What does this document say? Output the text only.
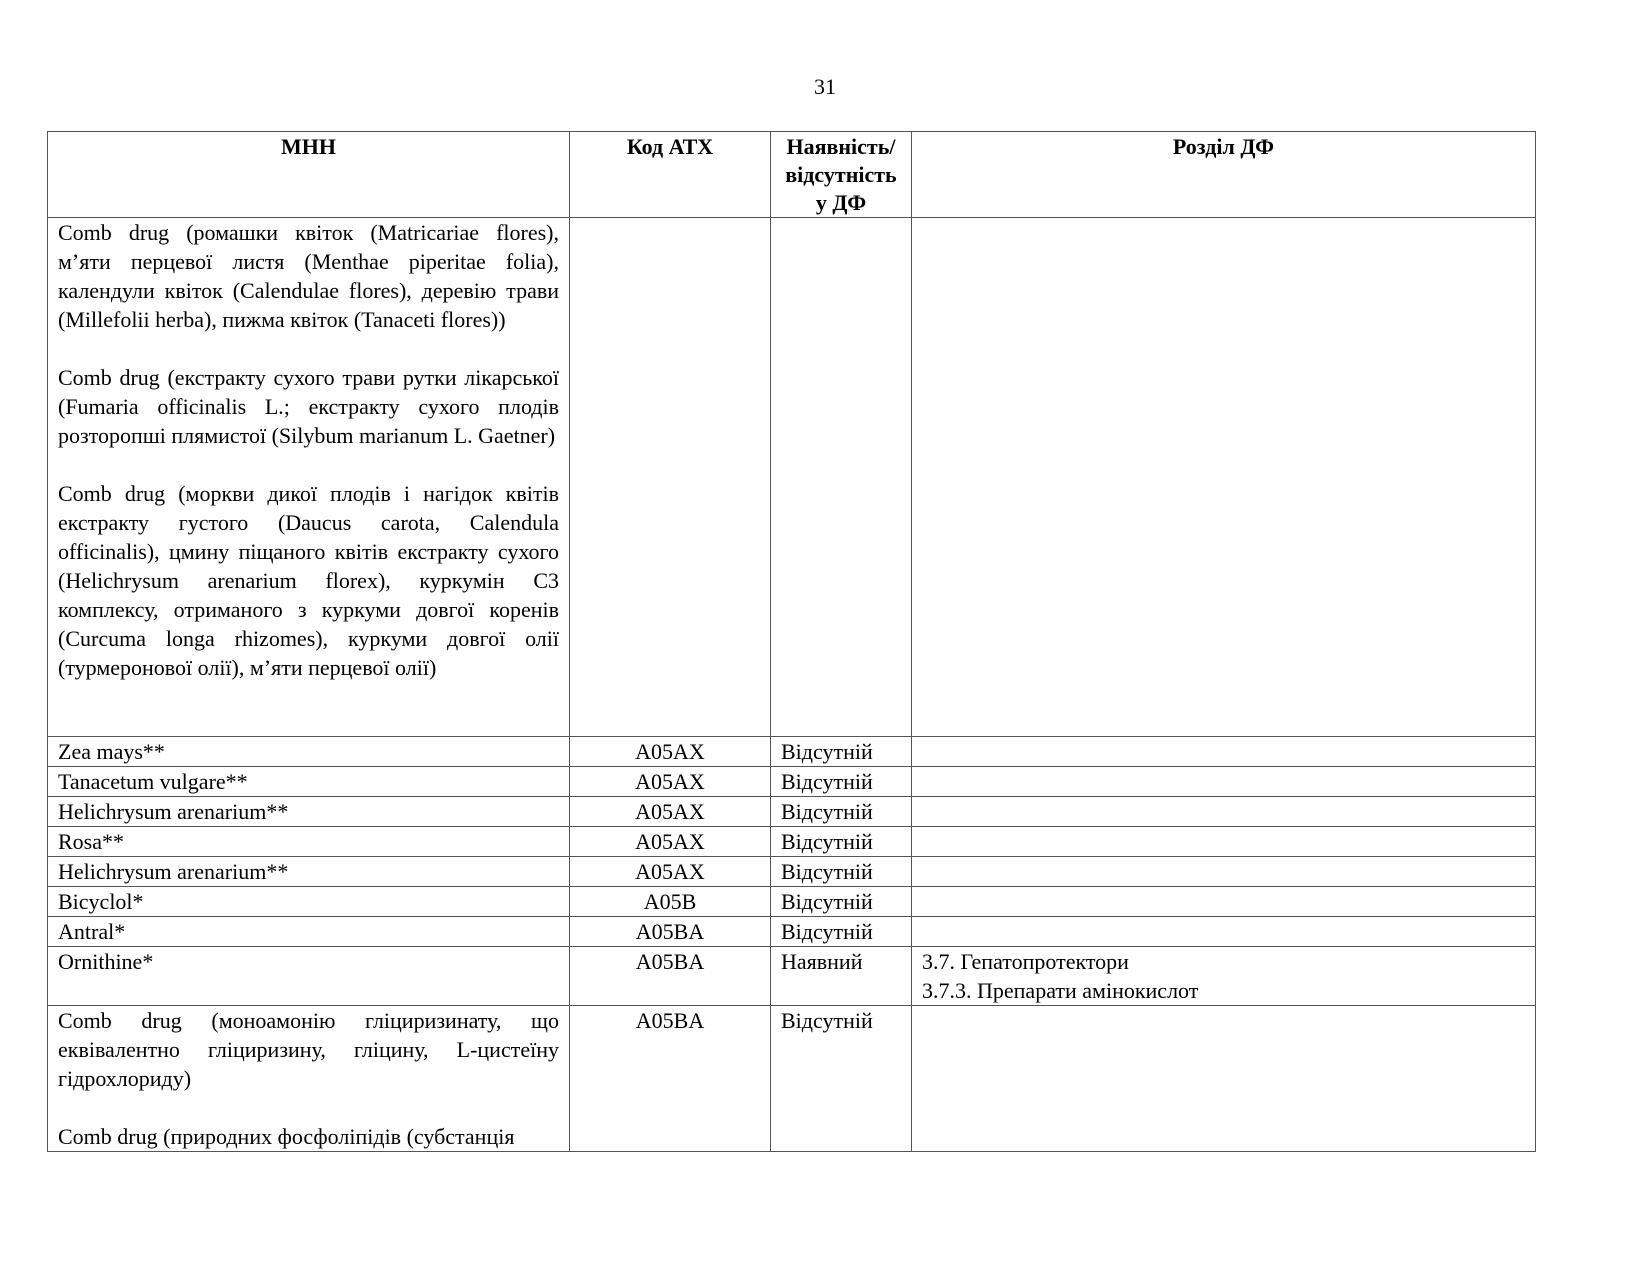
31
МНН	Код АТХ	Наявність/відсутність у ДФ	Розділ ДФ

Comb drug (ромашки квіток (Matricariae flores), м’яти перцевої листя (Menthae piperitae folia), календули квіток (Calendulae flores), деревію трави (Millefolii herba), пижма квіток (Tanaceti flores))
Comb drug (екстракту сухого трави рутки лікарської (Fumaria officinalis L.; екстракту сухого плодів розторопші плямистої (Silybum marianum L. Gaetner)
Comb drug (моркви дикої плодів і нагідок квітів екстракту густого (Daucus carota, Calendula officinalis), цмину піщаного квітів екстракту сухого (Helichrysum arenarium florex), куркумін С3 комплексу, отриманого з куркуми довгої коренів (Curcuma longa rhizomes), куркуми довгої олії (турмеронової олії), м’яти перцевої олії)			

Zea mays**	A05AX	Відсутній	
Tanacetum vulgare**	A05AX	Відсутній	
Helichrysum arenarium**	A05AX	Відсутній	
Rosa**	A05AX	Відсутній	
Helichrysum arenarium**	A05AX	Відсутній	
Bicyclol*	A05B	Відсутній	
Antral*	A05BA	Відсутній	
Ornithine*	A05BA	Наявний	3.7. Гепатопротектори
3.7.3. Препарати амінокислот

Comb drug (моноамонію гліциризинату, що еквівалентно гліциризину, гліцину, L-цистеїну гідрохлориду)
Comb drug (природних фосфоліпідів (субстанція	A05BA	Відсутній	
